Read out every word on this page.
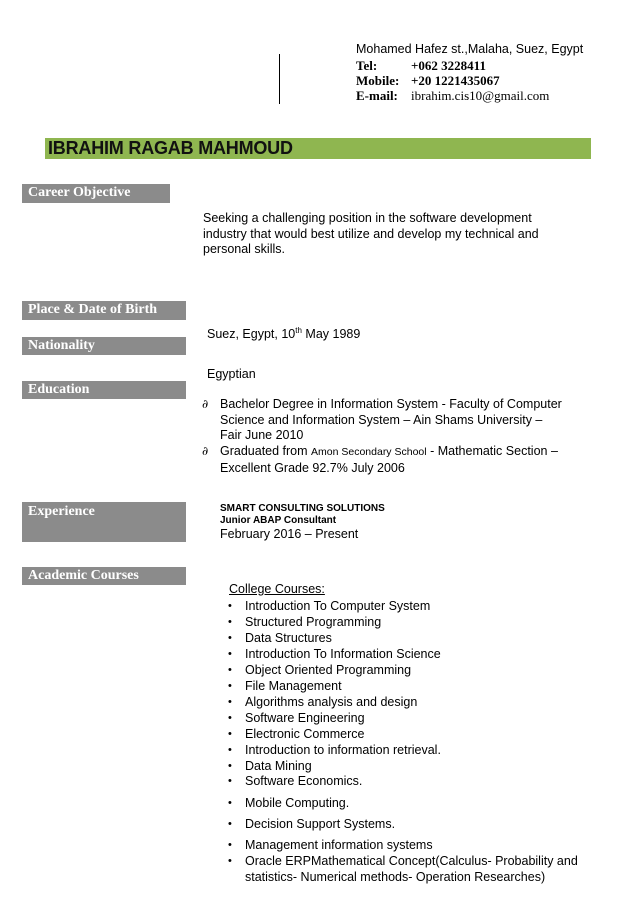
Mohamed Hafez st.,Malaha, Suez, Egypt
Tel:	+062 3228411
Mobile: +20 1221435067
E-mail: ibrahim.cis10@gmail.com
IBRAHIM RAGAB MAHMOUD
Career Objective
Place & Date of Birth
Nationality
Education
Experience
Academic Courses
Seeking a challenging position in the software development
industry that would best utilize and develop my technical and
personal skills.
Suez, Egypt, 10th May 1989
Egyptian
∂ Bachelor Degree in Information System - Faculty of Computer
Science and Information System – Ain Shams University –
Fair June 2010
∂ Graduated from Amon Secondary School - Mathematic Section –
Excellent Grade 92.7% July 2006
SMART CONSULTING SOLUTIONS
Junior ABAP Consultant
February 2016 – Present
College Courses:
• Introduction To Computer System
• Structured Programming
• Data Structures
• Introduction To Information Science
• Object Oriented Programming
• File Management
• Algorithms analysis and design
• Software Engineering
• Electronic Commerce
• Introduction to information retrieval.
• Data Mining
• Software Economics.
• Mobile Computing.
• Decision Support Systems.
• Management information systems
• Oracle ERPMathematical Concept(Calculus- Probability and
statistics- Numerical methods- Operation Researches)
